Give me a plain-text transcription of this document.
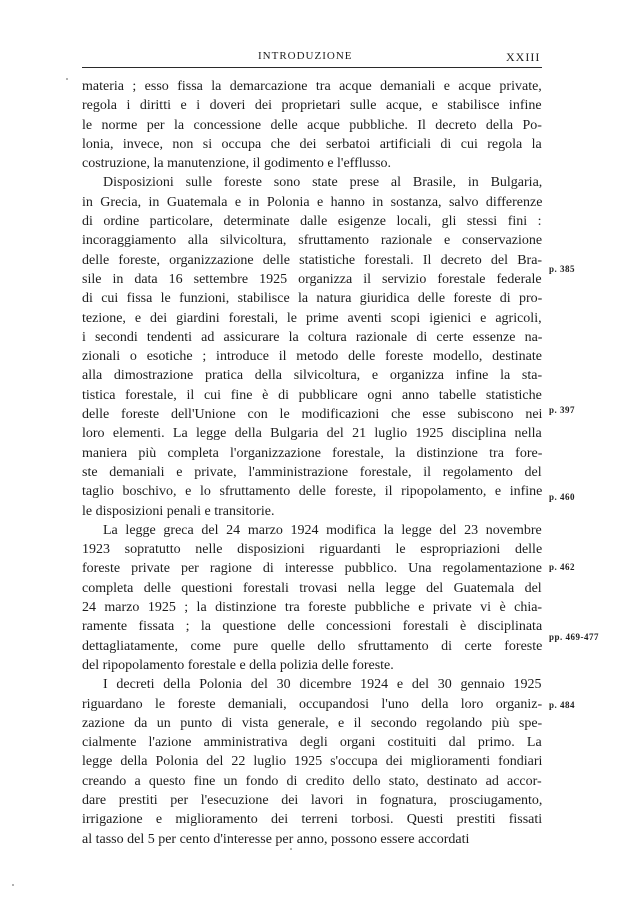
INTRODUZIONE	XXIII
materia ; esso fissa la demarcazione tra acque demaniali e acque private,
regola i diritti e i doveri dei proprietari sulle acque, e stabilisce infine
le norme per la concessione delle acque pubbliche. Il decreto della Po-
lonia, invece, non si occupa che dei serbatoi artificiali di cui regola la
costruzione, la manutenzione, il godimento e l'efflusso.
Disposizioni sulle foreste sono state prese al Brasile, in Bulgaria,
in Grecia, in Guatemala e in Polonia e hanno in sostanza, salvo differenze
di ordine particolare, determinate dalle esigenze locali, gli stessi fini :
incoraggiamento alla silvicoltura, sfruttamento razionale e conservazione
delle foreste, organizzazione delle statistiche forestali. Il decreto del Bra-
sile in data 16 settembre 1925 organizza il servizio forestale federale
di cui fissa le funzioni, stabilisce la natura giuridica delle foreste di pro-
tezione, e dei giardini forestali, le prime aventi scopi igienici e agricoli,
i secondi tendenti ad assicurare la coltura razionale di certe essenze na-
zionali o esotiche ; introduce il metodo delle foreste modello, destinate
alla dimostrazione pratica della silvicoltura, e organizza infine la sta-
tistica forestale, il cui fine è di pubblicare ogni anno tabelle statistiche
delle foreste dell'Unione con le modificazioni che esse subiscono nei
loro elementi. La legge della Bulgaria del 21 luglio 1925 disciplina nella
maniera più completa l'organizzazione forestale, la distinzione tra fore-
ste demaniali e private, l'amministrazione forestale, il regolamento del
taglio boschivo, e lo sfruttamento delle foreste, il ripopolamento, e infine
le disposizioni penali e transitorie.
La legge greca del 24 marzo 1924 modifica la legge del 23 novembre
1923 sopratutto nelle disposizioni riguardanti le espropriazioni delle
foreste private per ragione di interesse pubblico. Una regolamentazione
completa delle questioni forestali trovasi nella legge del Guatemala del
24 marzo 1925 ; la distinzione tra foreste pubbliche e private vi è chia-
ramente fissata ; la questione delle concessioni forestali è disciplinata
dettagliatamente, come pure quelle dello sfruttamento di certe foreste
del ripopolamento forestale e della polizia delle foreste.
I decreti della Polonia del 30 dicembre 1924 e del 30 gennaio 1925
riguardano le foreste demaniali, occupandosi l'uno della loro organiz-
zazione da un punto di vista generale, e il secondo regolando più spe-
cialmente l'azione amministrativa degli organi costituiti dal primo. La
legge della Polonia del 22 luglio 1925 s'occupa dei miglioramenti fondiari
creando a questo fine un fondo di credito dello stato, destinato ad accor-
dare prestiti per l'esecuzione dei lavori in fognatura, prosciugamento,
irrigazione e miglioramento dei terreni torbosi. Questi prestiti fissati
al tasso del 5 per cento d'interesse per anno, possono essere accordati
p. 385
p. 397
p. 460
p. 462
pp. 469-477
p. 484
